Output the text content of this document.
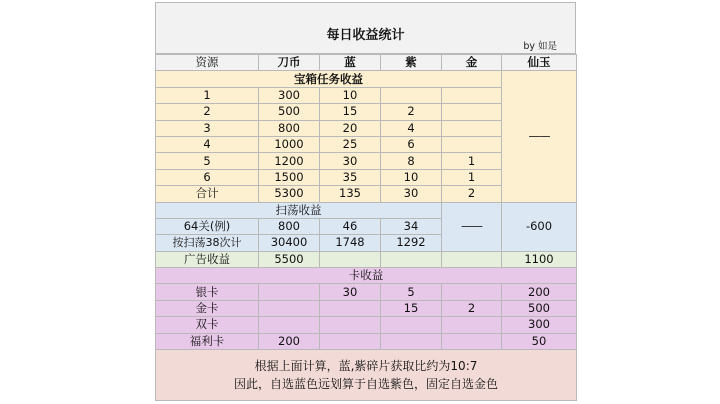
每日收益统计
by 如是
资源	刀币	蓝	紫	金	仙玉
宝箱任务收益					——
1	300	10			
2	500	15	2		
3	800	20	4		
4	1000	25	6		
5	1200	30	8	1	
6	1500	35	10	1	
合计	5300	135	30	2	
扫荡收益				——	-600
64关(例)	800	46	34		
按扫荡38次计	30400	1748	1292		
广告收益	5500				1100
卡收益					
银卡		30	5		200
金卡			15	2	500
双卡					300
福利卡	200				50

根据上面计算，蓝,紫碎片获取比约为10:7
因此，自选蓝色远划算于自选紫色，固定自选金色					
